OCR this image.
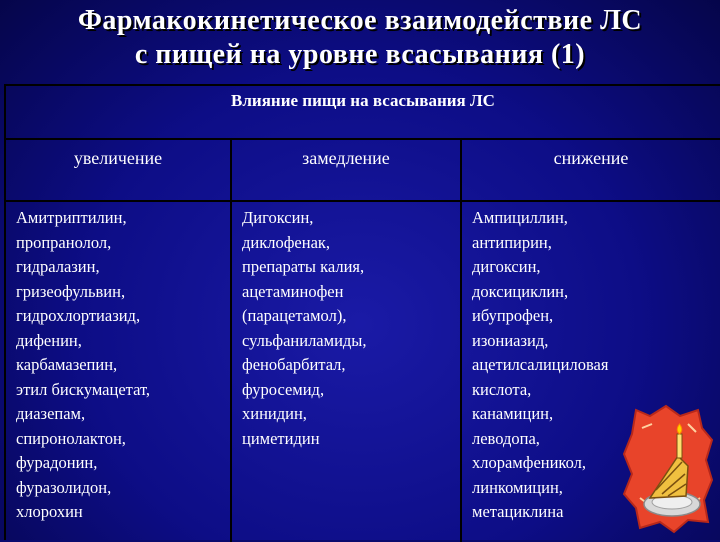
Фармакокинетическое взаимодействие ЛС
с пищей на уровне всасывания (1)
Влияние пищи на всасывания ЛС
увеличение	замедление	снижение
Амитриптилин,
пропранолол,
гидралазин,
гризеофульвин,
гидрохлортиазид,
дифенин,
карбамазепин,
этил бискумацетат,
диазепам,
спиронолактон,
фурадонин,
фуразолидон,
хлорохин
Дигоксин,
диклофенак,
препараты калия,
ацетаминофен
(парацетамол),
сульфаниламиды,
фенобарбитал,
фуросемид,
хинидин,
циметидин
Ампициллин,
антипирин,
дигоксин,
доксициклин,
ибупрофен,
изониазид,
ацетилсалициловая
кислота,
канамицин,
леводопа,
хлорамфеникол,
линкомицин,
метациклина
